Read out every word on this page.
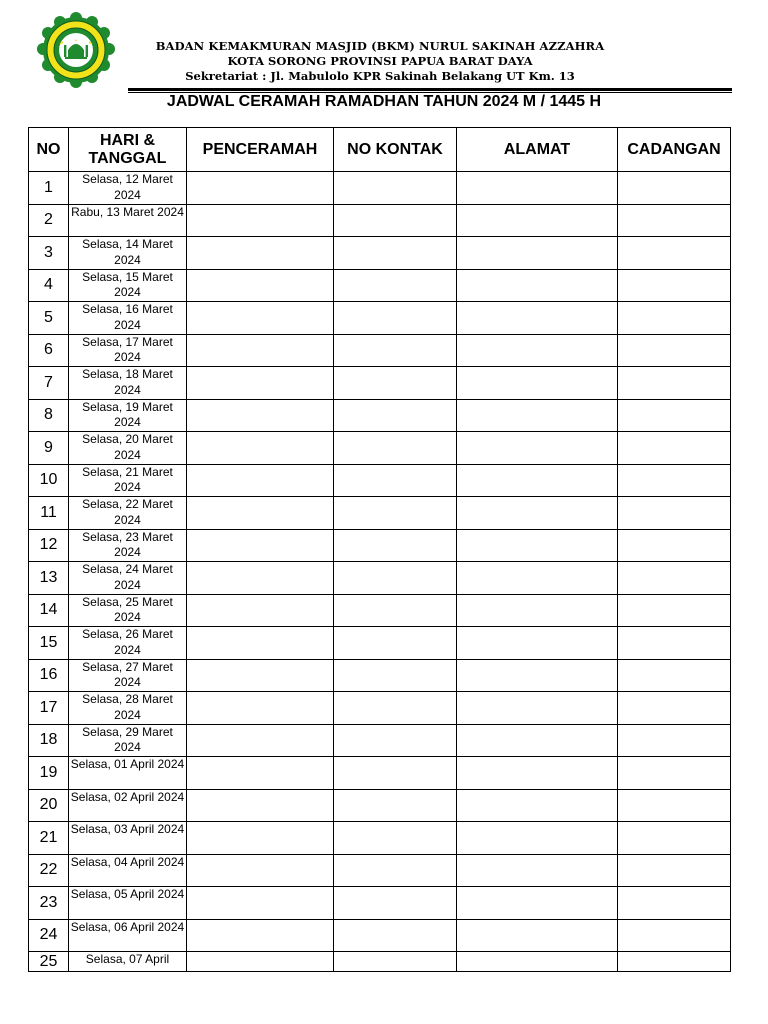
BADAN KEMAKMURAN MASJID (BKM) NURUL SAKINAH AZZAHRA
KOTA SORONG PROVINSI PAPUA BARAT DAYA
Sekretariat : Jl. Mabulolo KPR Sakinah Belakang UT Km. 13
JADWAL CERAMAH RAMADHAN TAHUN 2024 M / 1445 H
NO	HARI & TANGGAL	PENCERAMAH	NO KONTAK	ALAMAT	CADANGAN
1	Selasa, 12 Maret 2024				
2	Rabu, 13 Maret 2024				
3	Selasa, 14 Maret 2024				
4	Selasa, 15 Maret 2024				
5	Selasa, 16 Maret 2024				
6	Selasa, 17 Maret 2024				
7	Selasa, 18 Maret 2024				
8	Selasa, 19 Maret 2024				
9	Selasa, 20 Maret 2024				
10	Selasa, 21 Maret 2024				
11	Selasa, 22 Maret 2024				
12	Selasa, 23 Maret 2024				
13	Selasa, 24 Maret 2024				
14	Selasa, 25 Maret 2024				
15	Selasa, 26 Maret 2024				
16	Selasa, 27 Maret 2024				
17	Selasa, 28 Maret 2024				
18	Selasa, 29 Maret 2024				
19	Selasa, 01 April 2024				
20	Selasa, 02 April 2024				
21	Selasa, 03 April 2024				
22	Selasa, 04 April 2024				
23	Selasa, 05 April 2024				
24	Selasa, 06 April 2024				
25	Selasa, 07 April				
